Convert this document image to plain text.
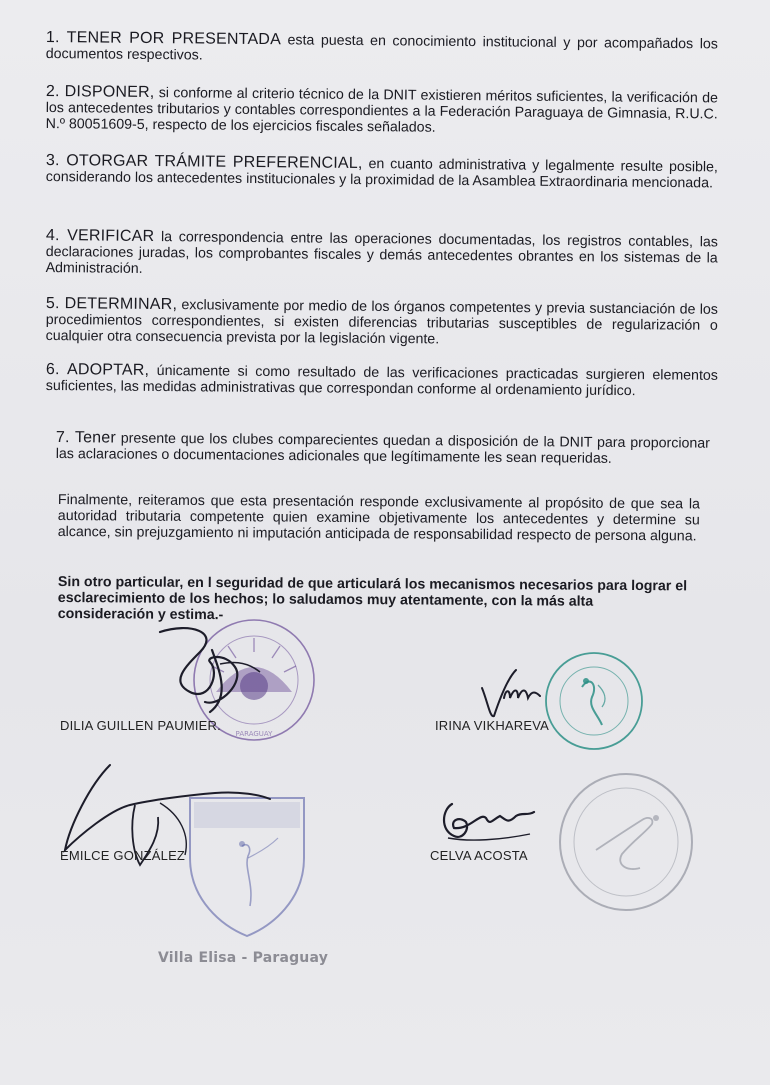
1. TENER POR PRESENTADA esta puesta en conocimiento institucional y por acompañados los documentos respectivos.
2. DISPONER, si conforme al criterio técnico de la DNIT existieren méritos suficientes, la verificación de los antecedentes tributarios y contables correspondientes a la Federación Paraguaya de Gimnasia, R.U.C. N.º 80051609-5, respecto de los ejercicios fiscales señalados.
3. OTORGAR TRÁMITE PREFERENCIAL, en cuanto administrativa y legalmente resulte posible, considerando los antecedentes institucionales y la proximidad de la Asamblea Extraordinaria mencionada.
4. VERIFICAR la correspondencia entre las operaciones documentadas, los registros contables, las declaraciones juradas, los comprobantes fiscales y demás antecedentes obrantes en los sistemas de la Administración.
5. DETERMINAR, exclusivamente por medio de los órganos competentes y previa sustanciación de los procedimientos correspondientes, si existen diferencias tributarias susceptibles de regularización o cualquier otra consecuencia prevista por la legislación vigente.
6. ADOPTAR, únicamente si como resultado de las verificaciones practicadas surgieren elementos suficientes, las medidas administrativas que correspondan conforme al ordenamiento jurídico.
7. Tener presente que los clubes comparecientes quedan a disposición de la DNIT para proporcionar las aclaraciones o documentaciones adicionales que legítimamente les sean requeridas.
Finalmente, reiteramos que esta presentación responde exclusivamente al propósito de que sea la autoridad tributaria competente quien examine objetivamente los antecedentes y determine su alcance, sin prejuzgamiento ni imputación anticipada de responsabilidad respecto de persona alguna.
Sin otro particular, en l seguridad de que articulará los mecanismos necesarios para lograr el esclarecimiento de los hechos; lo saludamos muy atentamente, con la más alta consideración y estima.-
PARAGUAY
DILIA GUILLEN PAUMIER.	IRINA VIKHAREVA
EMILCE GONZÁLEZ	CELVA ACOSTA
Villa Elisa - Paraguay
